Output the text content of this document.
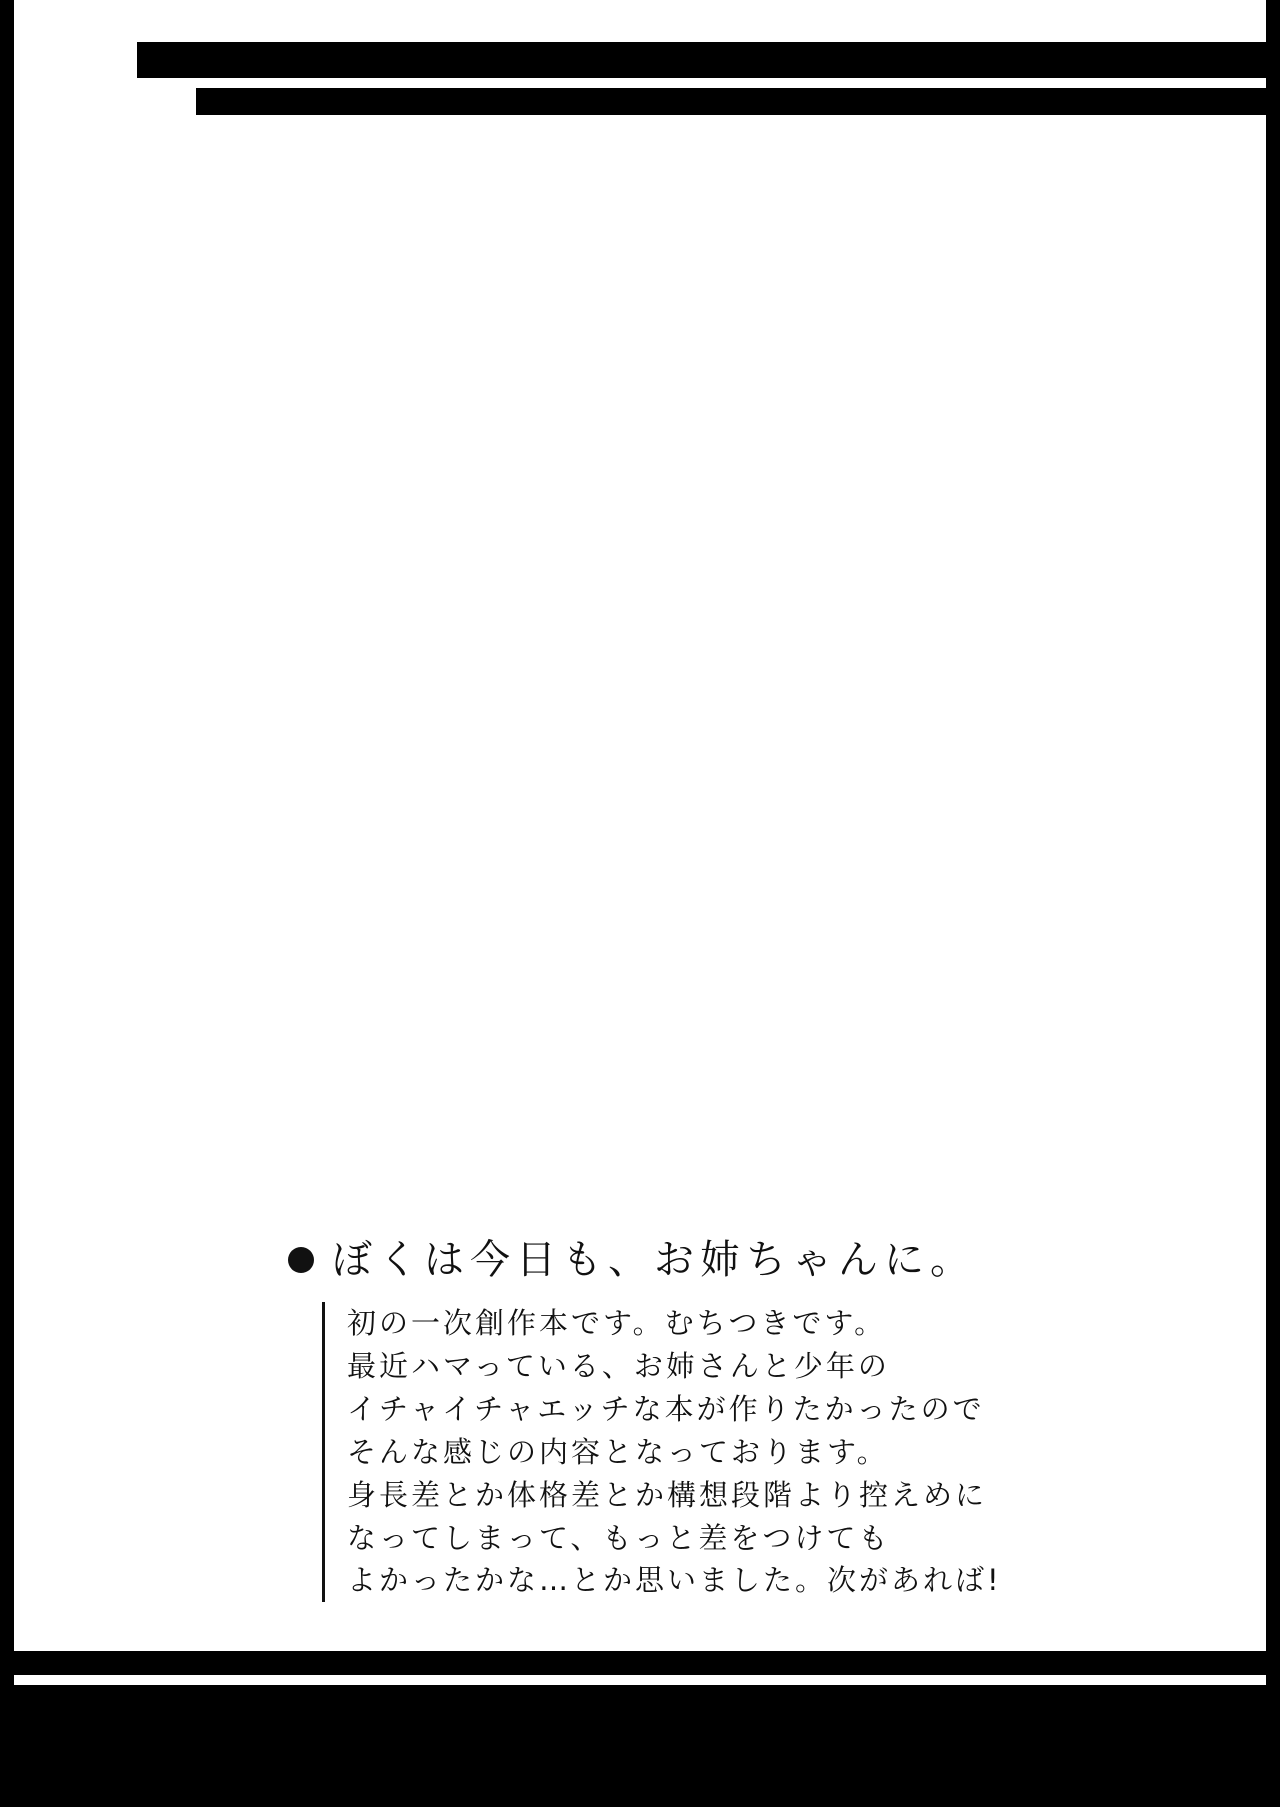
ぼくは今日も、お姉ちゃんに。
初の一次創作本です。むちつきです。
最近ハマっている、お姉さんと少年の
イチャイチャエッチな本が作りたかったので
そんな感じの内容となっております。
身長差とか体格差とか構想段階より控えめに
なってしまって、もっと差をつけても
よかったかな…とか思いました。次があれば!
